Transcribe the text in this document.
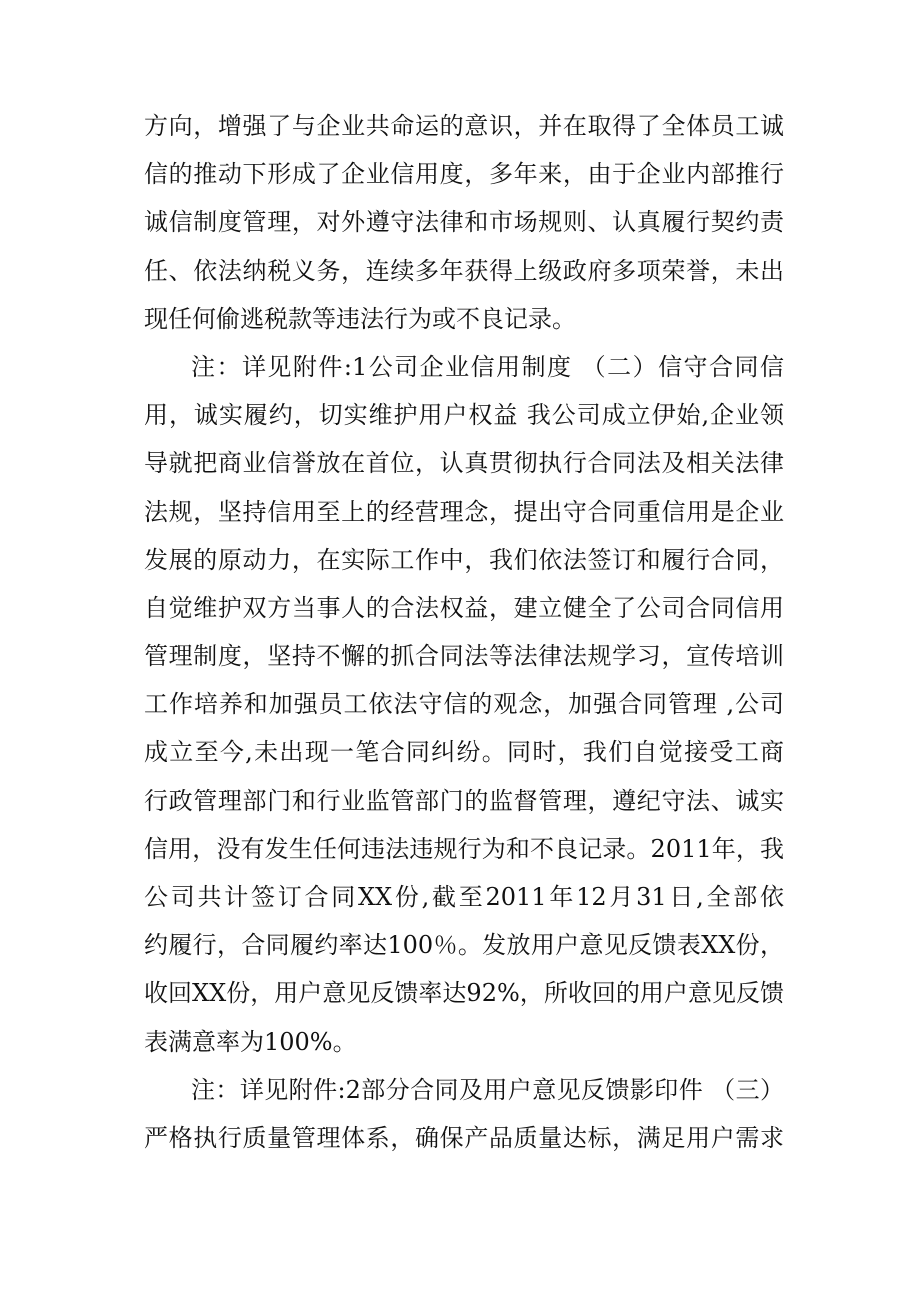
方向，增强了与企业共命运的意识，并在取得了全体员工诚
信的推动下形成了企业信用度，多年来，由于企业内部推行
诚信制度管理，对外遵守法律和市场规则、认真履行契约责
任、依法纳税义务，连续多年获得上级政府多项荣誉，未出
现任何偷逃税款等违法行为或不良记录。
注：详见附件:1公司企业信用制度 （二）信守合同信
用，诚实履约，切实维护用户权益 我公司成立伊始,企业领
导就把商业信誉放在首位，认真贯彻执行合同法及相关法律
法规，坚持信用至上的经营理念，提出守合同重信用是企业
发展的原动力，在实际工作中，我们依法签订和履行合同，
自觉维护双方当事人的合法权益，建立健全了公司合同信用
管理制度，坚持不懈的抓合同法等法律法规学习，宣传培训
工作培养和加强员工依法守信的观念，加强合同管理 ,公司
成立至今,未出现一笔合同纠纷。同时，我们自觉接受工商
行政管理部门和行业监管部门的监督管理，遵纪守法、诚实
信用，没有发生任何违法违规行为和不良记录。2011年，我
公司共计签订合同XX份,截至2011年12月31日,全部依
约履行，合同履约率达100％。发放用户意见反馈表XX份，
收回XX份，用户意见反馈率达92%，所收回的用户意见反馈
表满意率为100%。
注：详见附件:2部分合同及用户意见反馈影印件 （三）
严格执行质量管理体系，确保产品质量达标，满足用户需求
